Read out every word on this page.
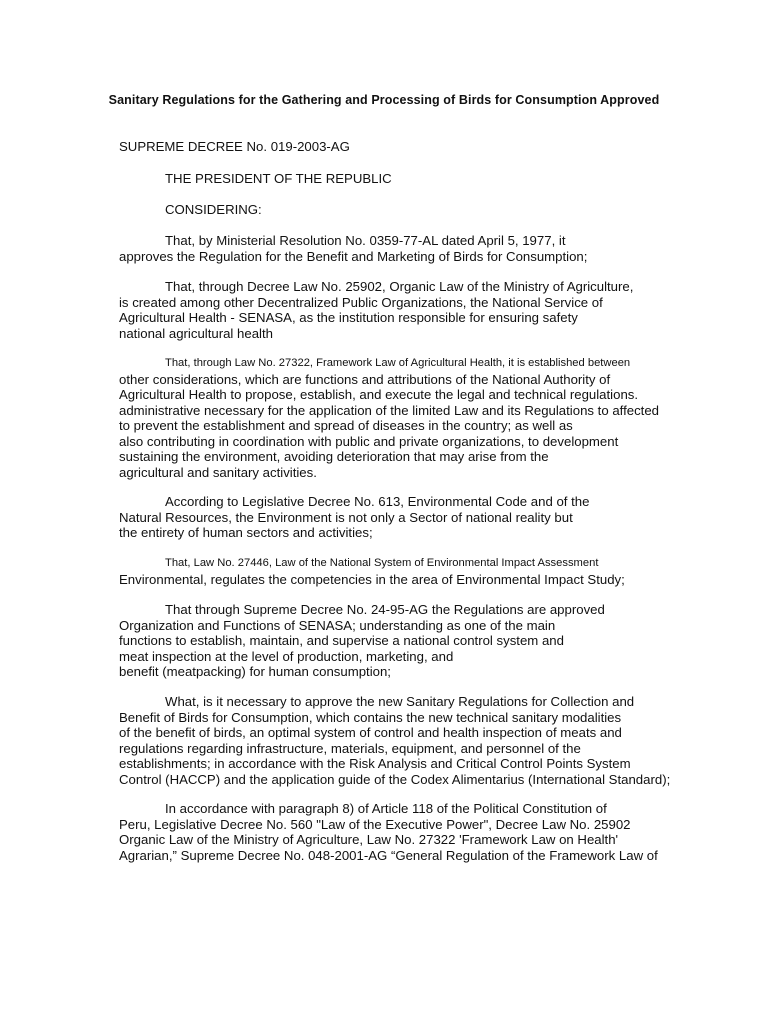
Sanitary Regulations for the Gathering and Processing of Birds for Consumption Approved
SUPREME DECREE No. 019-2003-AG
THE PRESIDENT OF THE REPUBLIC
CONSIDERING:
That, by Ministerial Resolution No. 0359-77-AL dated April 5, 1977, it
approves the Regulation for the Benefit and Marketing of Birds for Consumption;
That, through Decree Law No. 25902, Organic Law of the Ministry of Agriculture,
is created among other Decentralized Public Organizations, the National Service of
Agricultural Health - SENASA, as the institution responsible for ensuring safety
national agricultural health
That, through Law No. 27322, Framework Law of Agricultural Health, it is established between
other considerations, which are functions and attributions of the National Authority of
Agricultural Health to propose, establish, and execute the legal and technical regulations.
administrative necessary for the application of the limited Law and its Regulations to affected
to prevent the establishment and spread of diseases in the country; as well as
also contributing in coordination with public and private organizations, to development
sustaining the environment, avoiding deterioration that may arise from the
agricultural and sanitary activities.
According to Legislative Decree No. 613, Environmental Code and of the
Natural Resources, the Environment is not only a Sector of national reality but
the entirety of human sectors and activities;
That, Law No. 27446, Law of the National System of Environmental Impact Assessment
Environmental, regulates the competencies in the area of Environmental Impact Study;
That through Supreme Decree No. 24-95-AG the Regulations are approved
Organization and Functions of SENASA; understanding as one of the main
functions to establish, maintain, and supervise a national control system and
meat inspection at the level of production, marketing, and
benefit (meatpacking) for human consumption;
What, is it necessary to approve the new Sanitary Regulations for Collection and
Benefit of Birds for Consumption, which contains the new technical sanitary modalities
of the benefit of birds, an optimal system of control and health inspection of meats and
regulations regarding infrastructure, materials, equipment, and personnel of the
establishments; in accordance with the Risk Analysis and Critical Control Points System
Control (HACCP) and the application guide of the Codex Alimentarius (International Standard);
In accordance with paragraph 8) of Article 118 of the Political Constitution of
Peru, Legislative Decree No. 560 "Law of the Executive Power", Decree Law No. 25902
Organic Law of the Ministry of Agriculture, Law No. 27322 'Framework Law on Health'
Agrarian,” Supreme Decree No. 048-2001-AG “General Regulation of the Framework Law of
